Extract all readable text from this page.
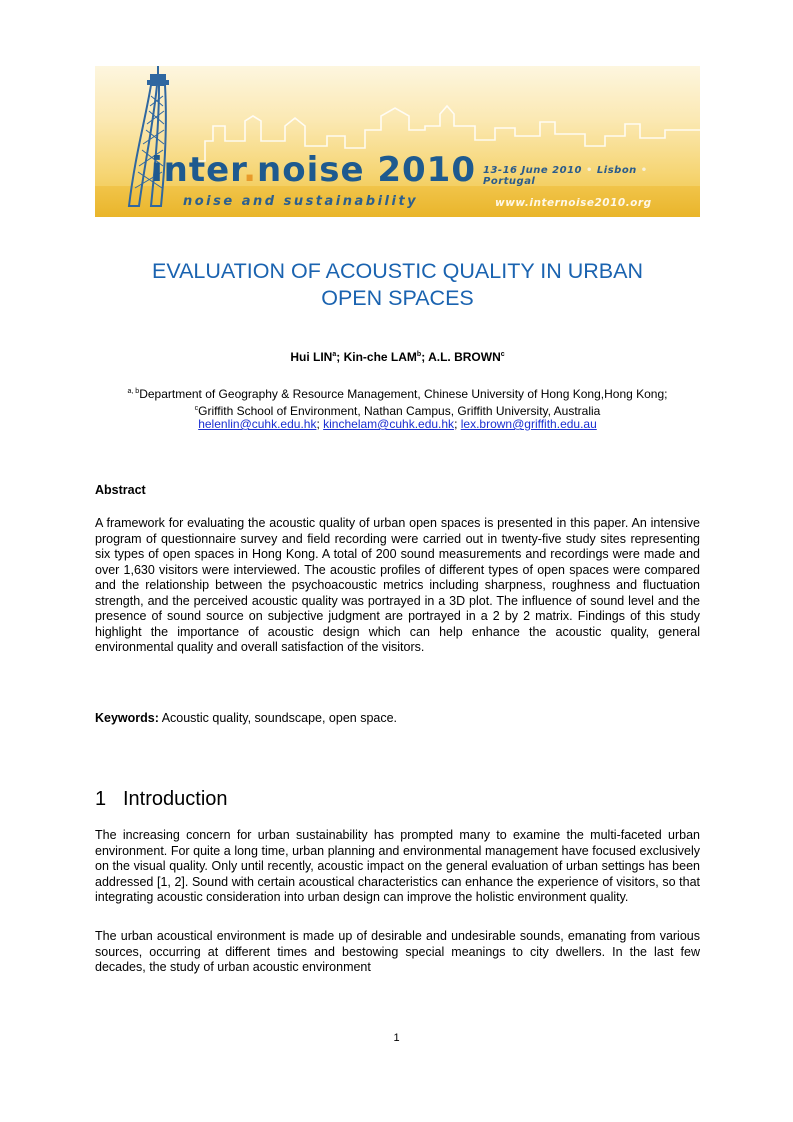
inter.noise 2010
noise and sustainability
13-16 June 2010 • Lisbon • Portugal
www.internoise2010.org
EVALUATION OF ACOUSTIC QUALITY IN URBAN
OPEN SPACES
Hui LIN$^a$; Kin-che LAM$^b$; A.L. BROWN$^c$
$^{a, b}$Department of Geography & Resource Management, Chinese University of Hong Kong,Hong Kong;
$^c$Griffith School of Environment, Nathan Campus, Griffith University, Australia
helenlin@cuhk.edu.hk; kinchelam@cuhk.edu.hk; lex.brown@griffith.edu.au
Abstract
A framework for evaluating the acoustic quality of urban open spaces is presented in this paper. An intensive program of questionnaire survey and field recording were carried out in twenty-five study sites representing six types of open spaces in Hong Kong. A total of 200 sound measurements and recordings were made and over 1,630 visitors were interviewed. The acoustic profiles of different types of open spaces were compared and the relationship between the psychoacoustic metrics including sharpness, roughness and fluctuation strength, and the perceived acoustic quality was portrayed in a 3D plot. The influence of sound level and the presence of sound source on subjective judgment are portrayed in a 2 by 2 matrix. Findings of this study highlight the importance of acoustic design which can help enhance the acoustic quality, general environmental quality and overall satisfaction of the visitors.
Keywords: Acoustic quality, soundscape, open space.
1 Introduction
The increasing concern for urban sustainability has prompted many to examine the multi-faceted urban environment. For quite a long time, urban planning and environmental management have focused exclusively on the visual quality. Only until recently, acoustic impact on the general evaluation of urban settings has been addressed [1, 2]. Sound with certain acoustical characteristics can enhance the experience of visitors, so that integrating acoustic consideration into urban design can improve the holistic environment quality.
The urban acoustical environment is made up of desirable and undesirable sounds, emanating from various sources, occurring at different times and bestowing special meanings to city dwellers. In the last few decades, the study of urban acoustic environment
1
